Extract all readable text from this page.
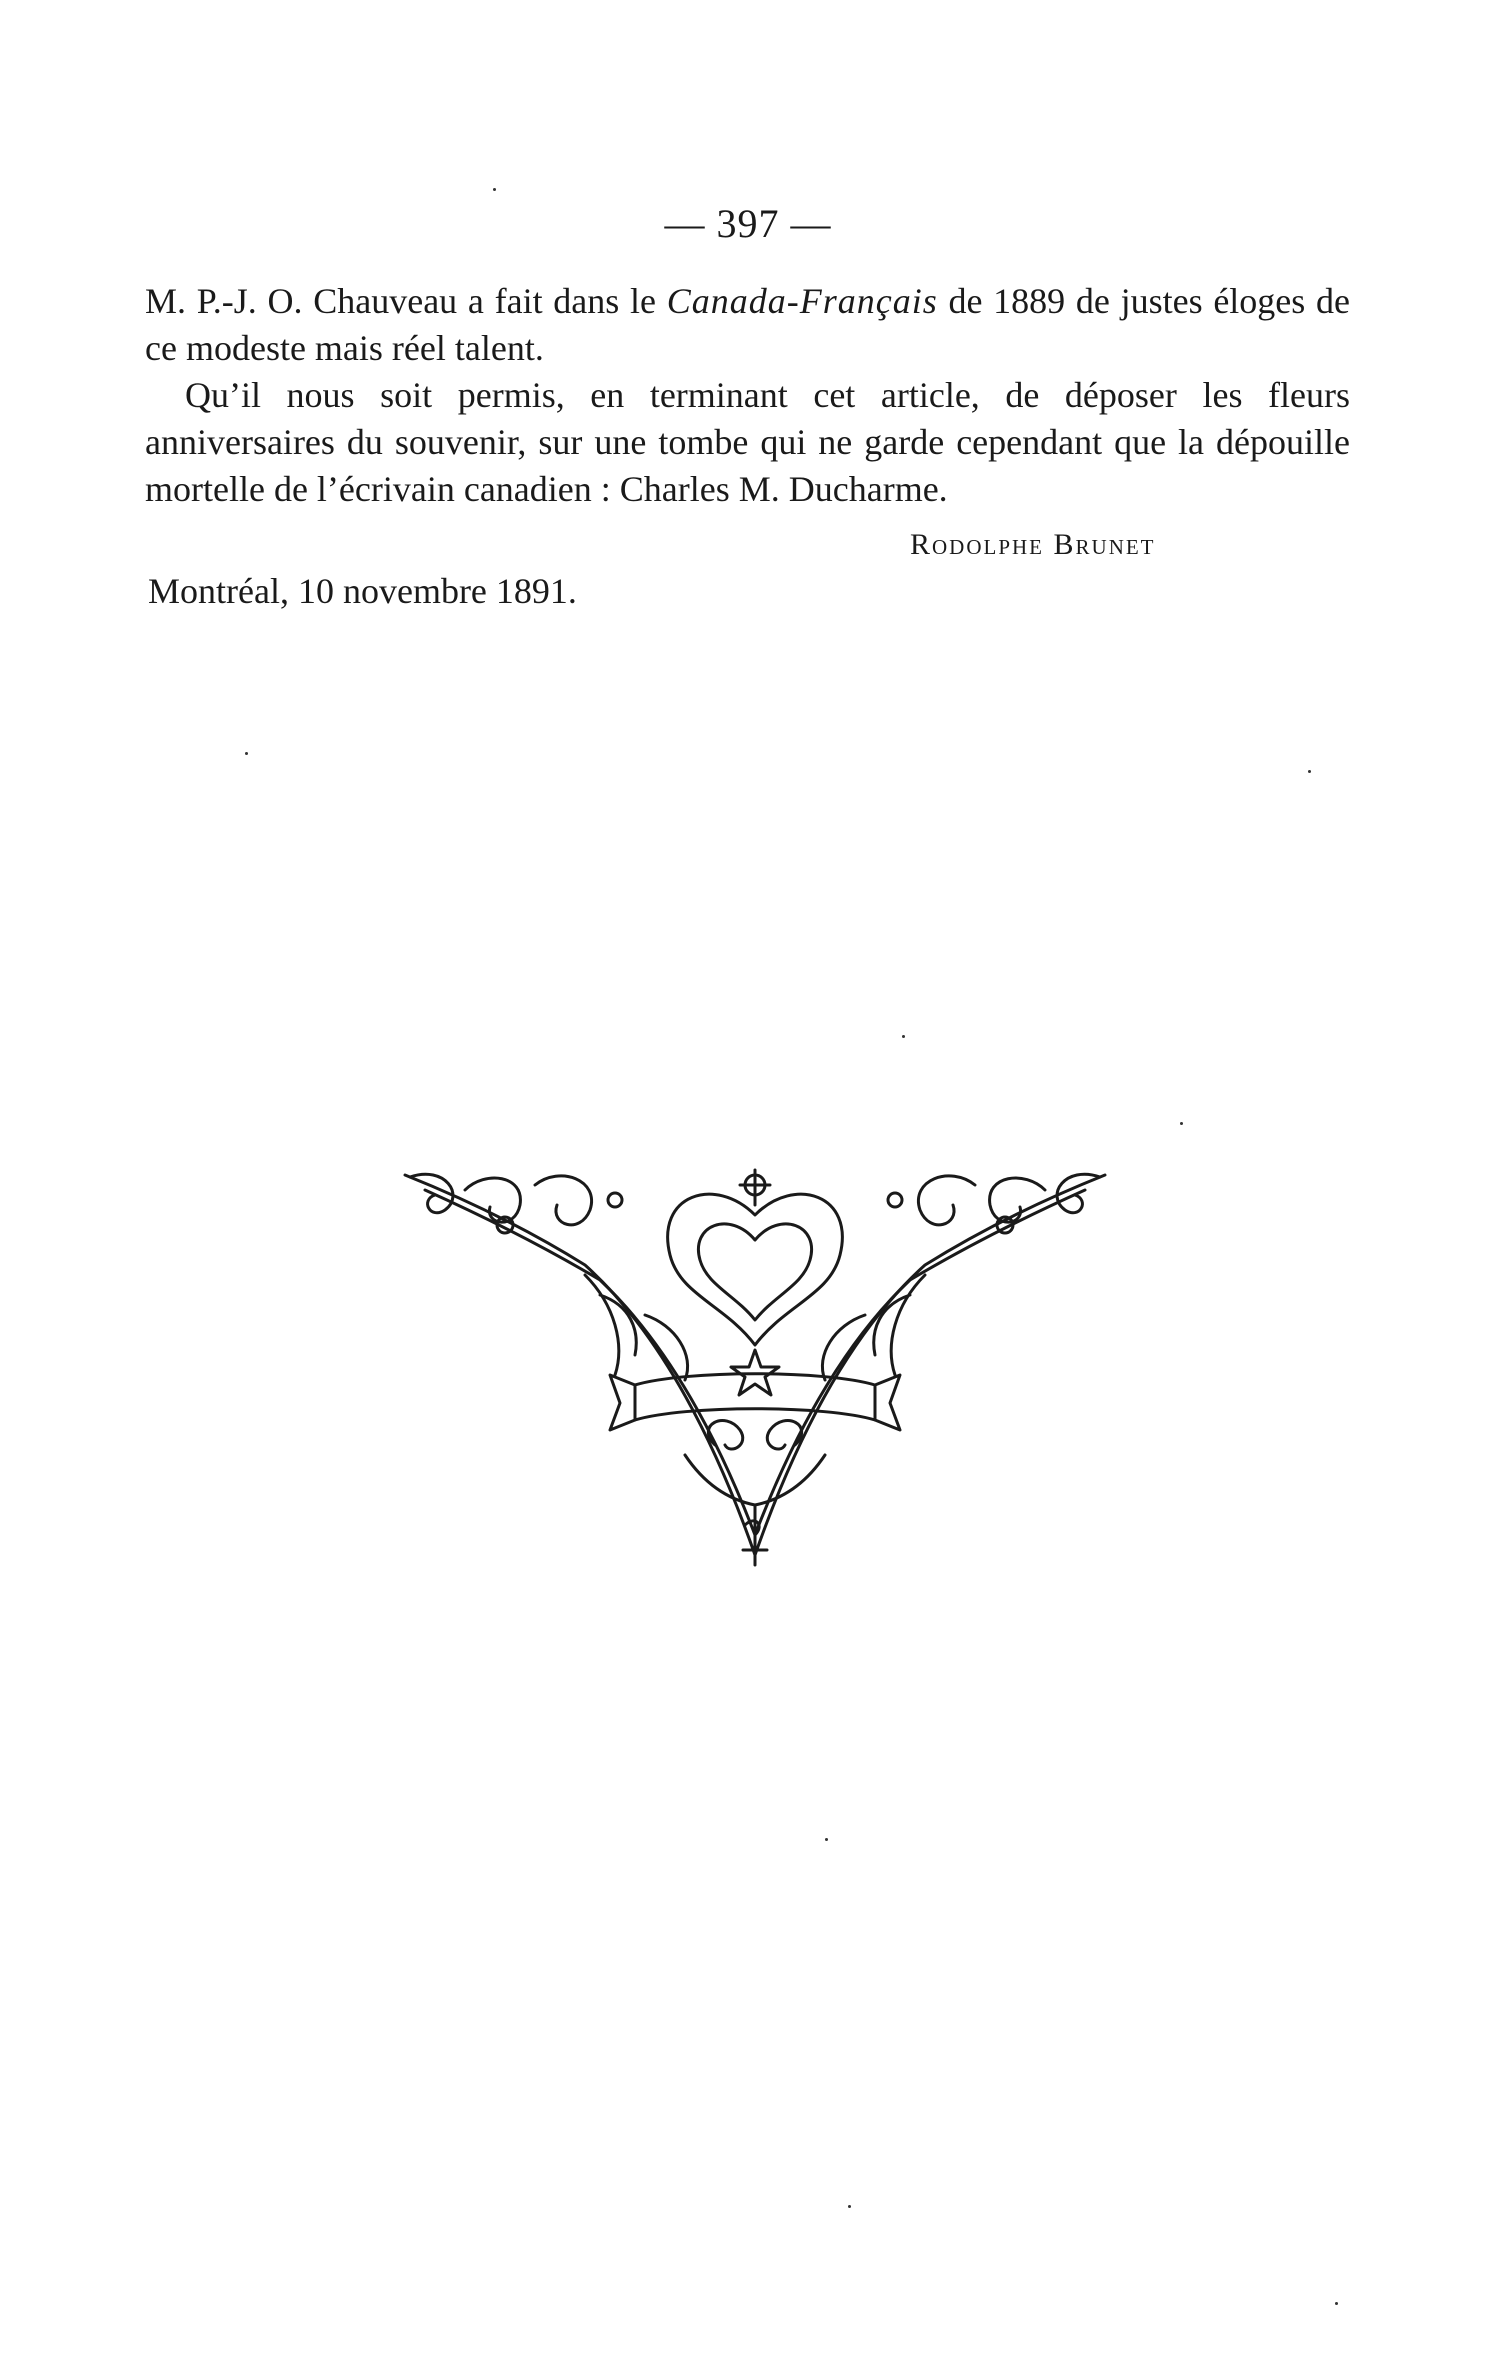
— 397 —

M. P.-J. O. Chauveau a fait dans le Canada-Français de 1889 de justes éloges de ce modeste mais réel talent.

Qu’il nous soit permis, en terminant cet article, de déposer les fleurs anniversaires du souvenir, sur une tombe qui ne garde cependant que la dépouille mortelle de l’écrivain canadien : Charles M. Ducharme.

Rodolphe Brunet
Montréal, 10 novembre 1891.
